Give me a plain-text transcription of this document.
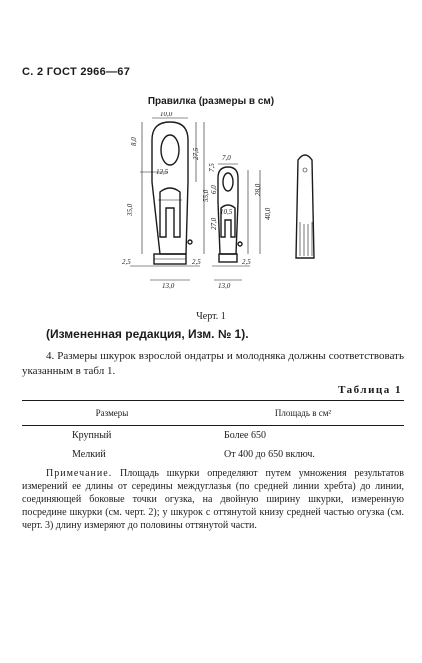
С. 2 ГОСТ 2966—67
Правилка (размеры в см)
10,0
8,0
27,5
12,5
55,0
35,0
2,5	2,5
13,0
7,0
7,5
6,0
10,5
28,0
27,0
40,0
2,5
13,0
Черт. 1
(Измененная редакция, Изм. № 1).
4. Размеры шкурок взрослой ондатры и молодняка должны соответствовать указанным в табл 1.
Таблица 1
Размеры	Площадь в см²
Крупный	Более 650
Мелкий	От 400 до 650 включ.
Примечание. Площадь шкурки определяют путем умножения результатов измерений ее длины от середины междуглазья (по средней линии хребта) до линии, соединяющей боковые точки огузка, на двойную ширину шкурки, измеренную посредине шкурки (см. черт. 2); у шкурок с оттянутой книзу средней частью огузка (см. черт. 3) длину измеряют до половины оттянутой части.
